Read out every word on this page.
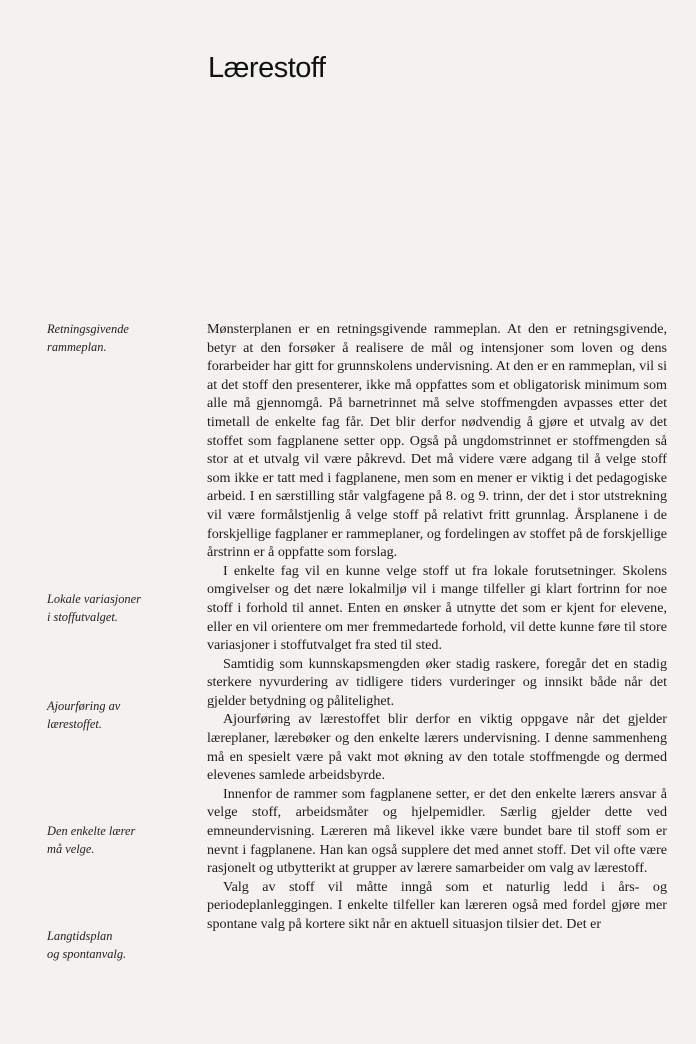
Lærestoff
Retningsgivende
rammeplan.
Lokale variasjoner
i stoffutvalget.
Ajourføring av
lærestoffet.
Den enkelte lærer
må velge.
Langtidsplan
og spontanvalg.

Mønsterplanen er en retningsgivende rammeplan. At den er retningsgivende, betyr at den forsøker å realisere de mål og intensjoner som loven og dens forarbeider har gitt for grunnskolens undervisning. At den er en rammeplan, vil si at det stoff den presenterer, ikke må oppfattes som et obligatorisk minimum som alle må gjennomgå. På barnetrinnet må selve stoffmengden avpasses etter det timetall de enkelte fag får. Det blir derfor nødvendig å gjøre et utvalg av det stoffet som fagplanene setter opp. Også på ungdomstrinnet er stoffmengden så stor at et utvalg vil være påkrevd. Det må videre være adgang til å velge stoff som ikke er tatt med i fagplanene, men som en mener er viktig i det pedagogiske arbeid. I en særstilling står valgfagene på 8. og 9. trinn, der det i stor utstrekning vil være formålstjenlig å velge stoff på relativt fritt grunnlag. Årsplanene i de forskjellige fagplaner er rammeplaner, og fordelingen av stoffet på de forskjellige årstrinn er å oppfatte som forslag.

I enkelte fag vil en kunne velge stoff ut fra lokale forutsetninger. Skolens omgivelser og det nære lokalmiljø vil i mange tilfeller gi klart fortrinn for noe stoff i forhold til annet. Enten en ønsker å utnytte det som er kjent for elevene, eller en vil orientere om mer fremmedartede forhold, vil dette kunne føre til store variasjoner i stoffutvalget fra sted til sted.

Samtidig som kunnskapsmengden øker stadig raskere, foregår det en stadig sterkere nyvurdering av tidligere tiders vurderinger og innsikt både når det gjelder betydning og pålitelighet.

Ajourføring av lærestoffet blir derfor en viktig oppgave når det gjelder læreplaner, lærebøker og den enkelte lærers undervisning. I denne sammenheng må en spesielt være på vakt mot økning av den totale stoffmengde og dermed elevenes samlede arbeidsbyrde.

Innenfor de rammer som fagplanene setter, er det den enkelte lærers ansvar å velge stoff, arbeidsmåter og hjelpemidler. Særlig gjelder dette ved emneundervisning. Læreren må likevel ikke være bundet bare til stoff som er nevnt i fagplanene. Han kan også supplere det med annet stoff. Det vil ofte være rasjonelt og utbytterikt at grupper av lærere samarbeider om valg av lærestoff.

Valg av stoff vil måtte inngå som et naturlig ledd i års- og periodeplanleggingen. I enkelte tilfeller kan læreren også med fordel gjøre mer spontane valg på kortere sikt når en aktuell situasjon tilsier det. Det er
